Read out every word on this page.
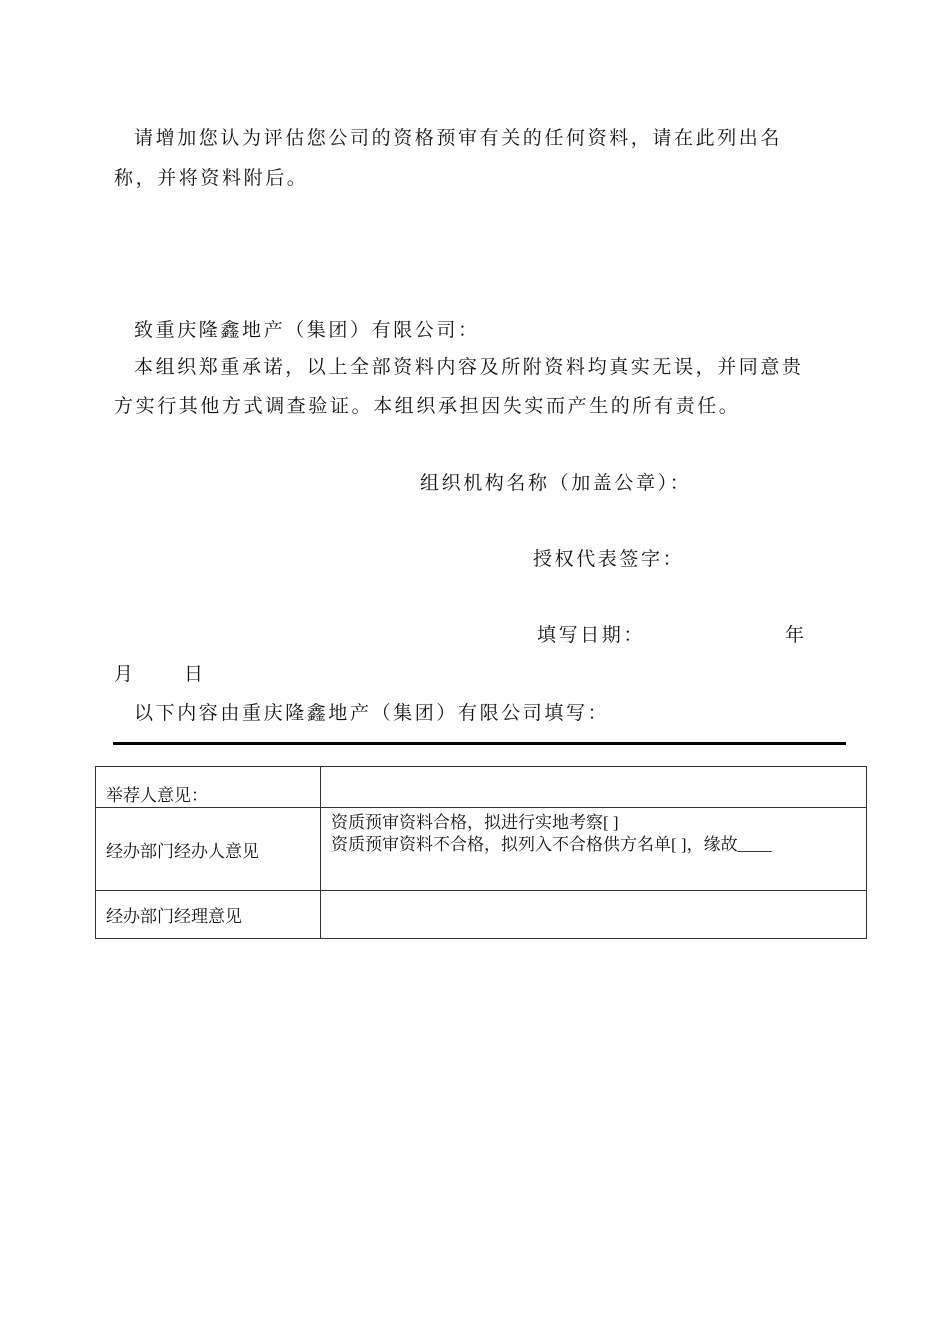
请增加您认为评估您公司的资格预审有关的任何资料，请在此列出名
称，并将资料附后。
致重庆隆鑫地产（集团）有限公司：
本组织郑重承诺，以上全部资料内容及所附资料均真实无误，并同意贵
方实行其他方式调查验证。本组织承担因失实而产生的所有责任。
组织机构名称（加盖公章）：
授权代表签字：
填写日期：	年
月	日
以下内容由重庆隆鑫地产（集团）有限公司填写：
举荐人意见：	
经办部门经办人意见	资质预审资料合格，拟进行实地考察[ ]
资质预审资料不合格，拟列入不合格供方名单[ ]，缘故____

经办部门经理意见	
